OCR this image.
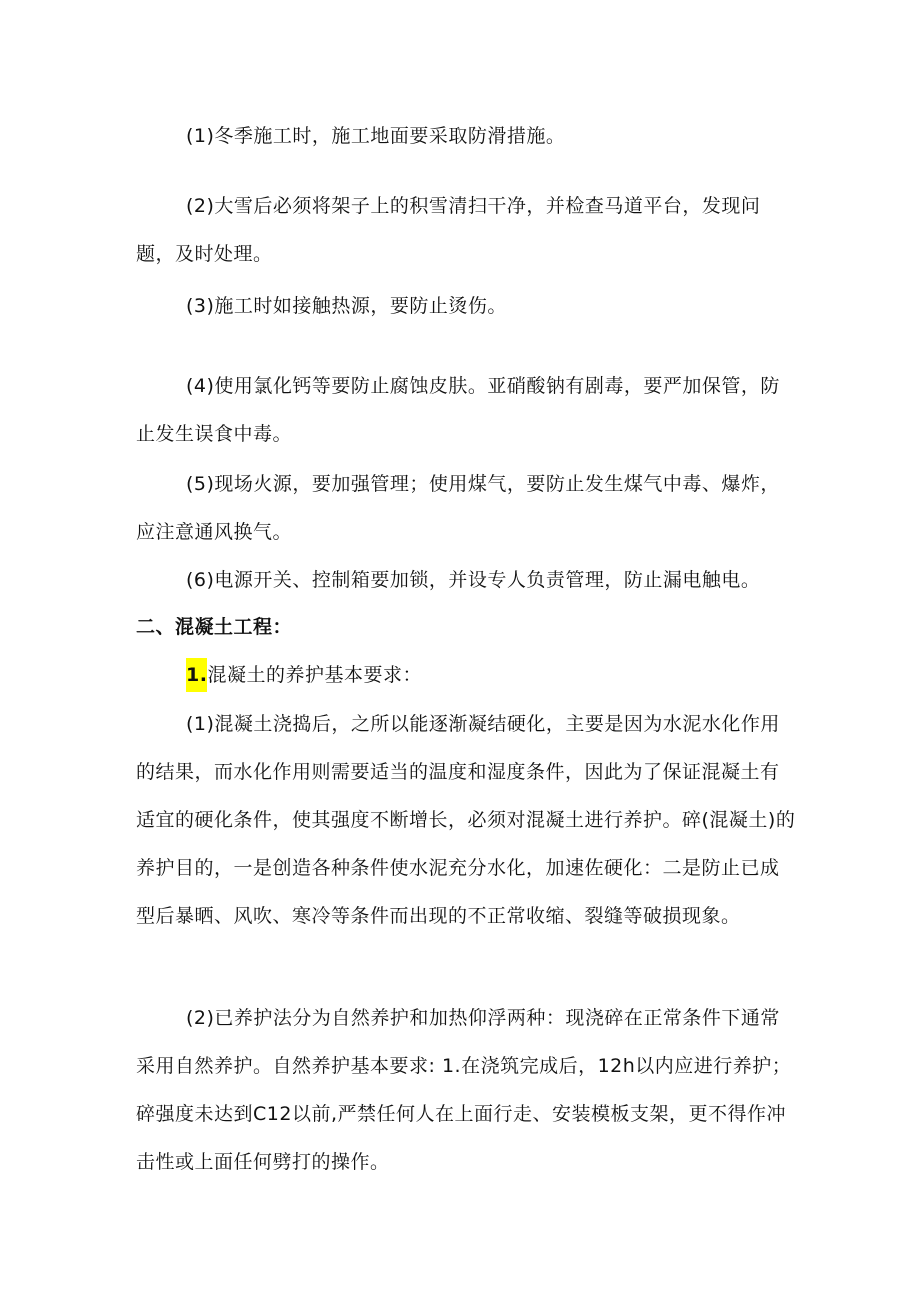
(1)冬季施工时，施工地面要采取防滑措施。

(2)大雪后必须将架子上的积雪清扫干净，并检查马道平台，发现问题，及时处理。

(3)施工时如接触热源，要防止烫伤。

(4)使用氯化钙等要防止腐蚀皮肤。亚硝酸钠有剧毒，要严加保管，防止发生误食中毒。

(5)现场火源，要加强管理；使用煤气，要防止发生煤气中毒、爆炸，应注意通风换气。

(6)电源开关、控制箱要加锁，并设专人负责管理，防止漏电触电。

二、混凝土工程：

1.混凝土的养护基本要求：

(1)混凝土浇捣后，之所以能逐渐凝结硬化，主要是因为水泥水化作用的结果，而水化作用则需要适当的温度和湿度条件，因此为了保证混凝土有适宜的硬化条件，使其强度不断增长，必须对混凝土进行养护。碎(混凝土)的养护目的，一是创造各种条件使水泥充分水化，加速佐硬化：二是防止已成型后暴晒、风吹、寒冷等条件而出现的不正常收缩、裂缝等破损现象。

(2)已养护法分为自然养护和加热仰浮两种：现浇碎在正常条件下通常采用自然养护。自然养护基本要求: 1.在浇筑完成后，12h以内应进行养护；碎强度未达到C12以前,严禁任何人在上面行走、安装模板支架，更不得作冲击性或上面任何劈打的操作。
